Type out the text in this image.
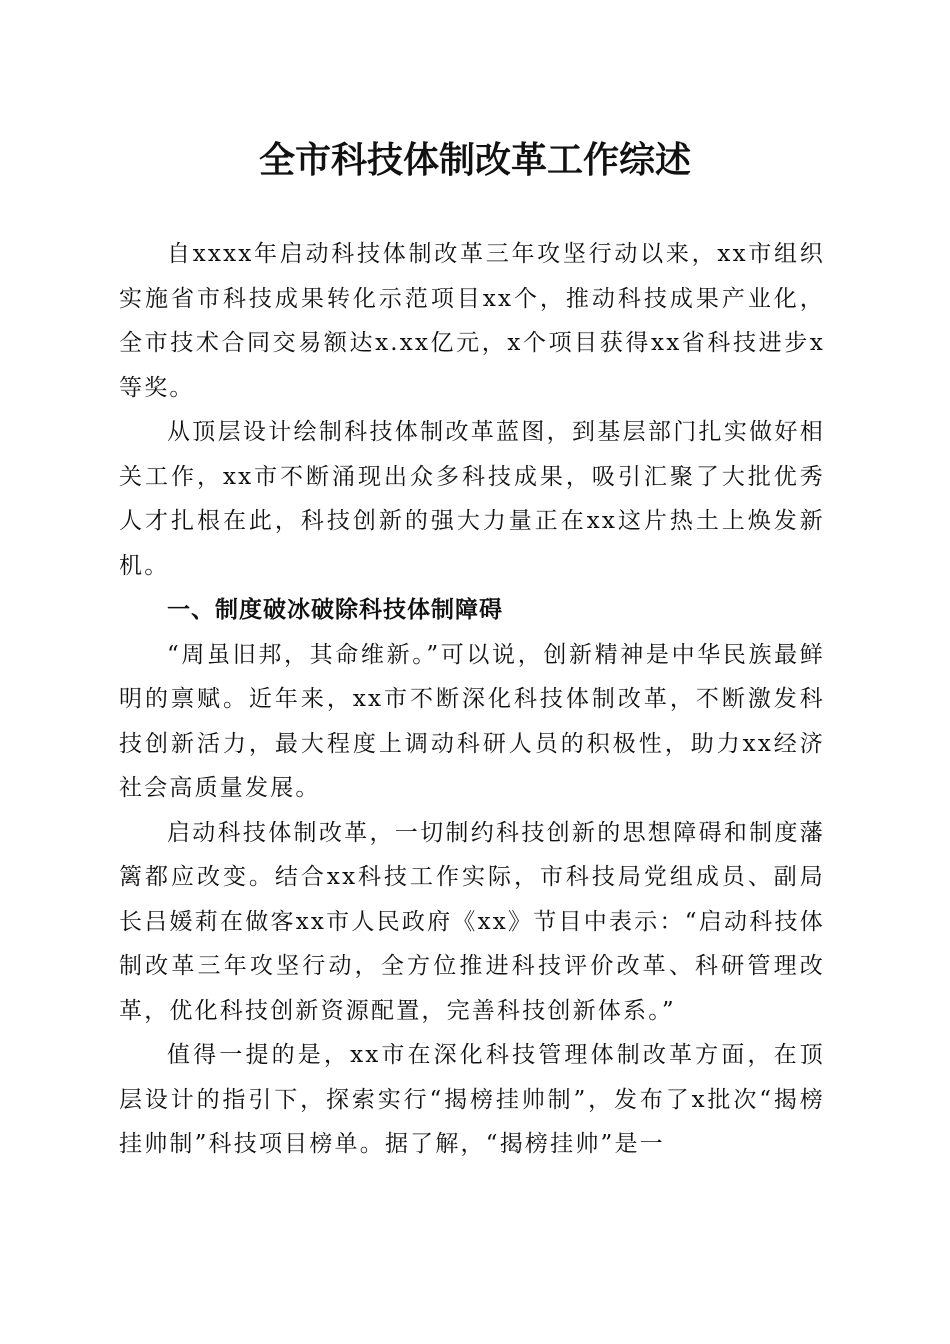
全市科技体制改革工作综述

自xxxx年启动科技体制改革三年攻坚行动以来，xx市组织实施省市科技成果转化示范项目xx个，推动科技成果产业化，全市技术合同交易额达x.xx亿元，x个项目获得xx省科技进步x等奖。

从顶层设计绘制科技体制改革蓝图，到基层部门扎实做好相关工作，xx市不断涌现出众多科技成果，吸引汇聚了大批优秀人才扎根在此，科技创新的强大力量正在xx这片热土上焕发新机。

一、制度破冰破除科技体制障碍

“周虽旧邦，其命维新。”可以说，创新精神是中华民族最鲜明的禀赋。近年来，xx市不断深化科技体制改革，不断激发科技创新活力，最大程度上调动科研人员的积极性，助力xx经济社会高质量发展。

启动科技体制改革，一切制约科技创新的思想障碍和制度藩篱都应改变。结合xx科技工作实际，市科技局党组成员、副局长吕媛莉在做客xx市人民政府《xx》节目中表示：“启动科技体制改革三年攻坚行动，全方位推进科技评价改革、科研管理改革，优化科技创新资源配置，完善科技创新体系。”

值得一提的是，xx市在深化科技管理体制改革方面，在顶层设计的指引下，探索实行“揭榜挂帅制”，发布了x批次“揭榜挂帅制”科技项目榜单。据了解，“揭榜挂帅”是一
